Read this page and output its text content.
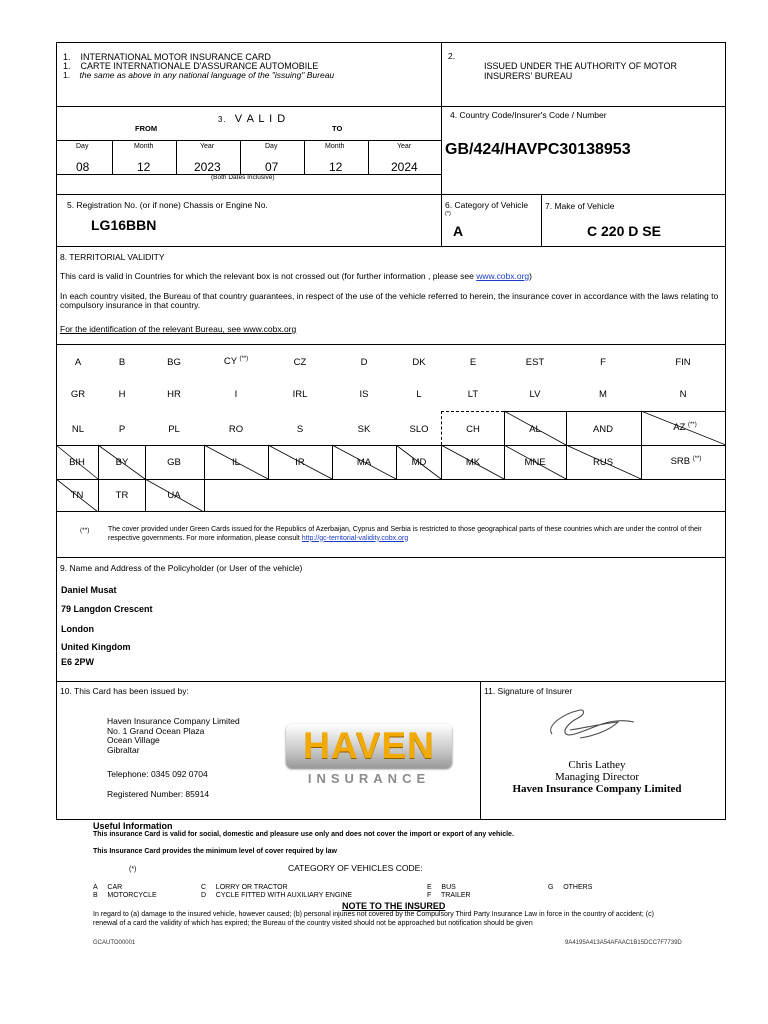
1. INTERNATIONAL MOTOR INSURANCE CARD
1. CARTE INTERNATIONALE D'ASSURANCE AUTOMOBILE
1. the same as above in any national language of the "issuing" Bureau
2.
ISSUED UNDER THE AUTHORITY OF MOTOR INSURERS' BUREAU
3. V A L I D
FROM	TO
Day	Month	Year	Day	Month	Year
08	12	2023	07	12	2024
(Both Dates Inclusive)
4. Country Code/Insurer's Code / Number
GB/424/HAVPC30138953
5. Registration No. (or if none) Chassis or Engine No.
LG16BBN
6. Category of Vehicle
(*)
A
7. Make of Vehicle
C 220 D SE
8. TERRITORIAL VALIDITY
This card is valid in Countries for which the relevant box is not crossed out (for further information , please see www.cobx.org)
In each country visited, the Bureau of that country guarantees, in respect of the use of the vehicle referred to herein, the insurance cover in accordance with the laws relating to compulsory insurance in that country.
For the identification of the relevant Bureau, see www.cobx.org
A	B	BG	CY (**)	CZ	D	DK	E	EST	F	FIN
GR	H	HR	I	IRL	IS	L	LT	LV	M	N
NL	P	PL	RO	S	SK	SLO	CH	AL	AND	AZ (**)
BIH	BY	GB	IL	IR	MA	MD	MK	MNE	RUS	SRB (**)
TN	TR	UA
(**)	The cover provided under Green Cards issued for the Republics of Azerbaijan, Cyprus and Serbia is restricted to those geographical parts of these countries which are under the control of their respective governments. For more information, please consult http://gc-territorial-validity.cobx.org
9. Name and Address of the Policyholder (or User of the vehicle)
Daniel Musat
79 Langdon Crescent
London
United Kingdom
E6 2PW
10. This Card has been issued by:
Haven Insurance Company Limited
No. 1 Grand Ocean Plaza
Ocean Village
Gibraltar
Telephone: 0345 092 0704
Registered Number: 85914
HAVEN
INSURANCE
11. Signature of Insurer
Chris Lathey
Managing Director
Haven Insurance Company Limited
Useful Information
This insurance Card is valid for social, domestic and pleasure use only and does not cover the import or export of any vehicle.
This Insurance Card provides the minimum level of cover required by law
(*)	CATEGORY OF VEHICLES CODE:
A CAR
B MOTORCYCLE
C LORRY OR TRACTOR
D CYCLE FITTED WITH AUXILIARY ENGINE
E BUS
F TRAILER
G OTHERS
NOTE TO THE INSURED
In regard to (a) damage to the insured vehicle, however caused; (b) personal injuries not covered by the Compulsory Third Party Insurance Law in force in the country of accident; (c) renewal of a card the validity of which has expired; the Bureau of the country visited should not be approached but notification should be given
GCAUTO00001	9A4195A413A54AFAAC1B15DCC7F7739D
